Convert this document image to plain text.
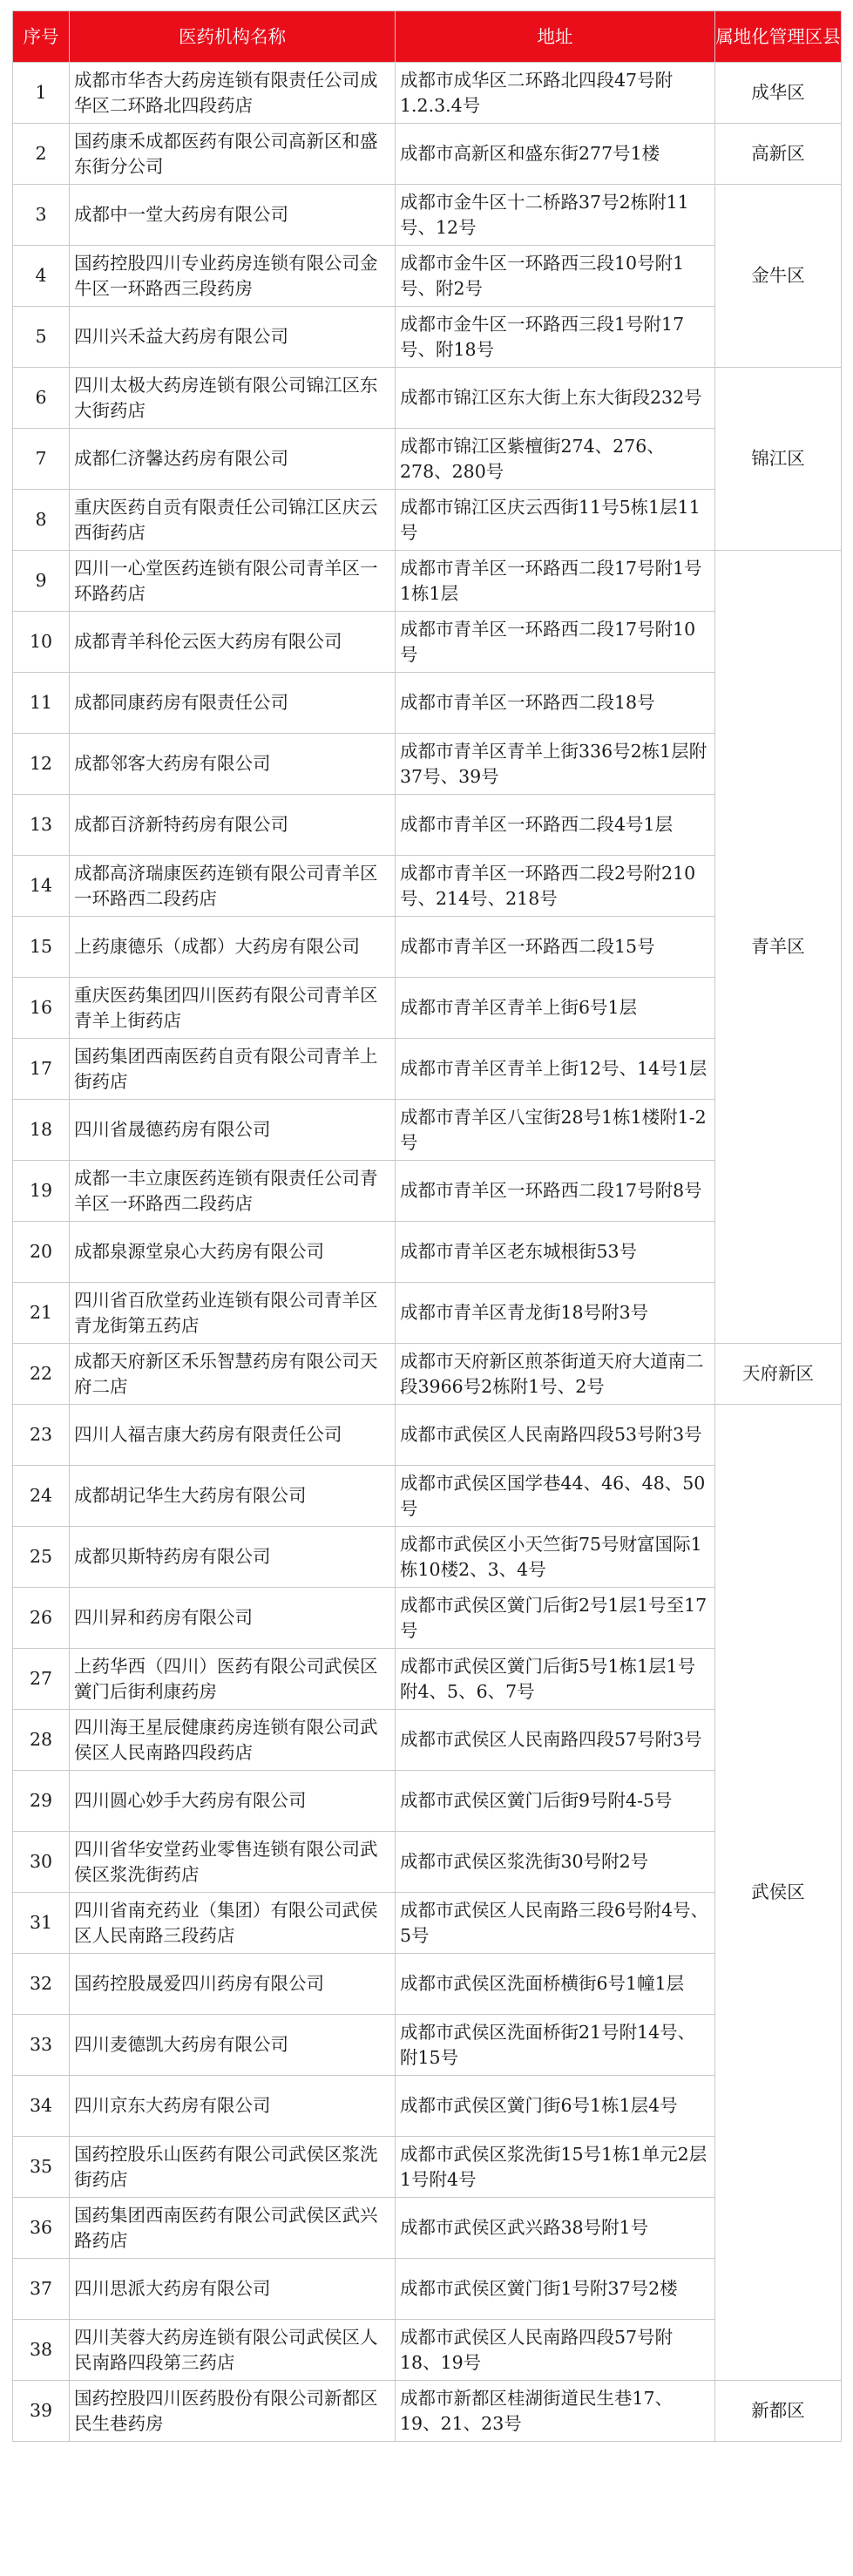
序号	医药机构名称	地址	属地化管理区县
1	成都市华杏大药房连锁有限责任公司成华区二环路北四段药店	成都市成华区二环路北四段47号附1.2.3.4号	成华区
2	国药康禾成都医药有限公司高新区和盛东街分公司	成都市高新区和盛东街277号1楼	高新区
3	成都中一堂大药房有限公司	成都市金牛区十二桥路37号2栋附11号、12号	金牛区
4	国药控股四川专业药房连锁有限公司金牛区一环路西三段药房	成都市金牛区一环路西三段10号附1号、附2号	
5	四川兴禾益大药房有限公司	成都市金牛区一环路西三段1号附17号、附18号	
6	四川太极大药房连锁有限公司锦江区东大街药店	成都市锦江区东大街上东大街段232号	锦江区
7	成都仁济馨达药房有限公司	成都市锦江区紫檀街274、276、278、280号	
8	重庆医药自贡有限责任公司锦江区庆云西街药店	成都市锦江区庆云西街11号5栋1层11号	
9	四川一心堂医药连锁有限公司青羊区一环路药店	成都市青羊区一环路西二段17号附1号1栋1层	青羊区
10	成都青羊科伦云医大药房有限公司	成都市青羊区一环路西二段17号附10号	
11	成都同康药房有限责任公司	成都市青羊区一环路西二段18号	
12	成都邻客大药房有限公司	成都市青羊区青羊上街336号2栋1层附37号、39号	
13	成都百济新特药房有限公司	成都市青羊区一环路西二段4号1层	
14	成都高济瑞康医药连锁有限公司青羊区一环路西二段药店	成都市青羊区一环路西二段2号附210号、214号、218号	
15	上药康德乐（成都）大药房有限公司	成都市青羊区一环路西二段15号	
16	重庆医药集团四川医药有限公司青羊区青羊上街药店	成都市青羊区青羊上街6号1层	
17	国药集团西南医药自贡有限公司青羊上街药店	成都市青羊区青羊上街12号、14号1层	
18	四川省晟德药房有限公司	成都市青羊区八宝街28号1栋1楼附1-2号	
19	成都一丰立康医药连锁有限责任公司青羊区一环路西二段药店	成都市青羊区一环路西二段17号附8号	
20	成都泉源堂泉心大药房有限公司	成都市青羊区老东城根街53号	
21	四川省百欣堂药业连锁有限公司青羊区青龙街第五药店	成都市青羊区青龙街18号附3号	
22	成都天府新区禾乐智慧药房有限公司天府二店	成都市天府新区煎茶街道天府大道南二段3966号2栋附1号、2号	天府新区
23	四川人福吉康大药房有限责任公司	成都市武侯区人民南路四段53号附3号	武侯区
24	成都胡记华生大药房有限公司	成都市武侯区国学巷44、46、48、50号	
25	成都贝斯特药房有限公司	成都市武侯区小天竺街75号财富国际1栋10楼2、3、4号	
26	四川昇和药房有限公司	成都市武侯区黉门后街2号1层1号至17号	
27	上药华西（四川）医药有限公司武侯区黉门后街利康药房	成都市武侯区黉门后街5号1栋1层1号附4、5、6、7号	
28	四川海王星辰健康药房连锁有限公司武侯区人民南路四段药店	成都市武侯区人民南路四段57号附3号	
29	四川圆心妙手大药房有限公司	成都市武侯区黉门后街9号附4-5号	
30	四川省华安堂药业零售连锁有限公司武侯区浆洗街药店	成都市武侯区浆洗街30号附2号	
31	四川省南充药业（集团）有限公司武侯区人民南路三段药店	成都市武侯区人民南路三段6号附4号、5号	
32	国药控股晟爱四川药房有限公司	成都市武侯区洗面桥横街6号1幢1层	
33	四川麦德凯大药房有限公司	成都市武侯区洗面桥街21号附14号、附15号	
34	四川京东大药房有限公司	成都市武侯区黉门街6号1栋1层4号	
35	国药控股乐山医药有限公司武侯区浆洗街药店	成都市武侯区浆洗街15号1栋1单元2层1号附4号	
36	国药集团西南医药有限公司武侯区武兴路药店	成都市武侯区武兴路38号附1号	
37	四川思派大药房有限公司	成都市武侯区黉门街1号附37号2楼	
38	四川芙蓉大药房连锁有限公司武侯区人民南路四段第三药店	成都市武侯区人民南路四段57号附18、19号	
39	国药控股四川医药股份有限公司新都区民生巷药房	成都市新都区桂湖街道民生巷17、19、21、23号	新都区
